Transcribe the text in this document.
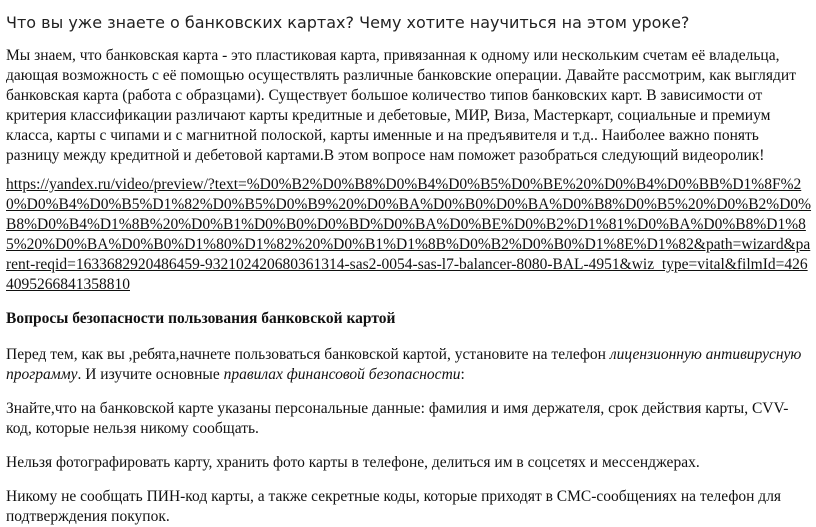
Что вы уже знаете о банковских картах? Чему хотите научиться на этом уроке?
Мы знаем, что банковская карта - это пластиковая карта, привязанная к одному или нескольким счетам её владельца, дающая возможность с её помощью осуществлять различные банковские операции. Давайте рассмотрим, как выглядит банковская карта (работа с образцами). Существует большое количество типов банковских карт. В зависимости от критерия классификации различают карты кредитные и дебетовые, МИР, Виза, Мастеркарт, социальные и премиум класса, карты с чипами и с магнитной полоской, карты именные и на предъявителя и т.д.. Наиболее важно понять разницу между кредитной и дебетовой картами.В этом вопросе нам поможет разобраться следующий видеоролик!
https://yandex.ru/video/preview/?text=%D0%B2%D0%B8%D0%B4%D0%B5%D0%BE%20%D0%B4%D0%BB%D1%8F%20%D0%B4%D0%B5%D1%82%D0%B5%D0%B9%20%D0%BA%D0%B0%D0%BA%D0%B8%D0%B5%20%D0%B2%D0%B8%D0%B4%D1%8B%20%D0%B1%D0%B0%D0%BD%D0%BA%D0%BE%D0%B2%D1%81%D0%BA%D0%B8%D1%85%20%D0%BA%D0%B0%D1%80%D1%82%20%D0%B1%D1%8B%D0%B2%D0%B0%D1%8E%D1%82&path=wizard&parent-reqid=1633682920486459-932102420680361314-sas2-0054-sas-l7-balancer-8080-BAL-4951&wiz_type=vital&filmId=4264095266841358810
Вопросы безопасности пользования банковской картой
Перед тем, как вы ,ребята,начнете пользоваться банковской картой, установите на телефон лицензионную антивирусную программу. И изучите основные правилах финансовой безопасности:
Знайте,что на банковской карте указаны персональные данные: фамилия и имя держателя, срок действия карты, CVV-код, которые нельзя никому сообщать.
Нельзя фотографировать карту, хранить фото карты в телефоне, делиться им в соцсетях и мессенджерах.
Никому не сообщать ПИН-код карты, а также секретные коды, которые приходят в СМС-сообщениях на телефон для подтверждения покупок.
